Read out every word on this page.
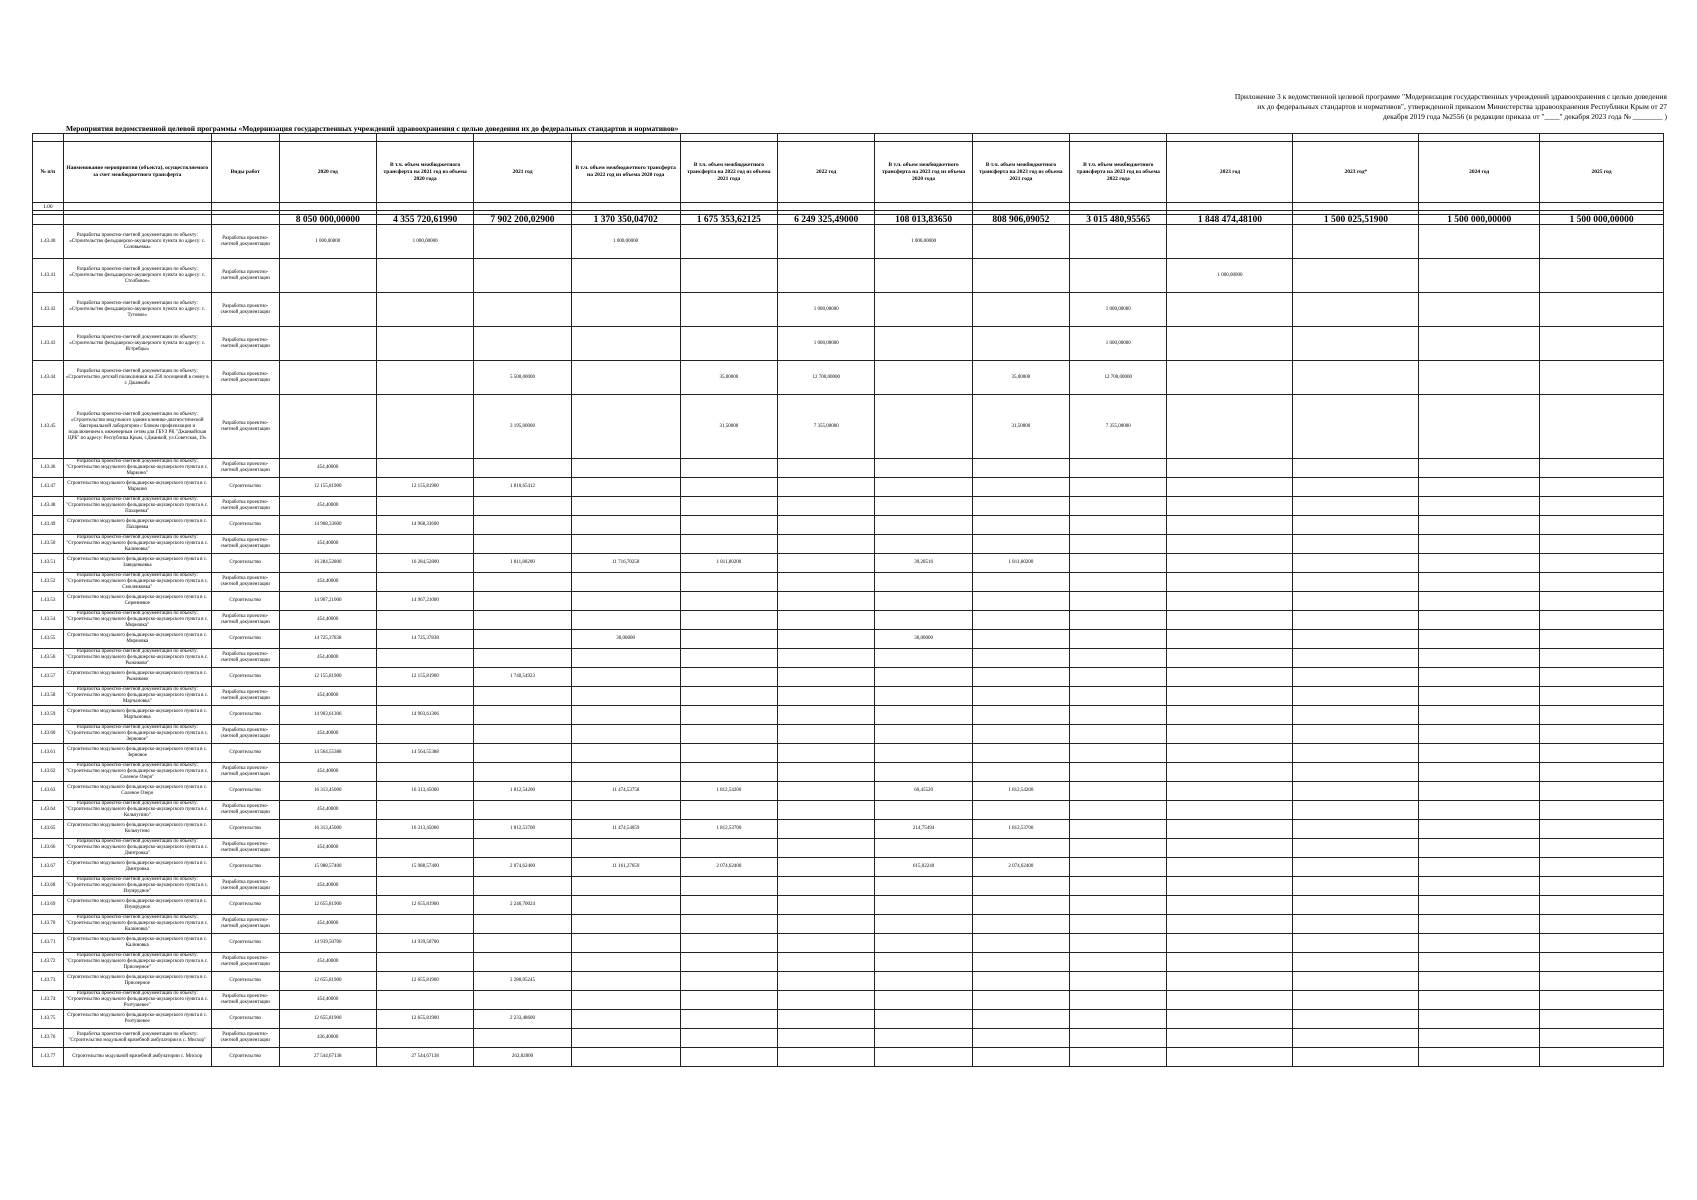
Приложение 3 к ведомственной целевой программе "Модернизация государственных учреждений здравоохранения с целью доведения
их до федеральных стандартов и нормативов", утвержденной приказом Министерства здравоохранения Республики Крым от 27
декабря 2019 года №2556 (в редакции приказа от "____" декабря 2023 года № ________ )
Мероприятия ведомственной целевой программы «Модернизация государственных учреждений здравоохранения с целью доведения их до федеральных стандартов и нормативов»

№ п/п	Наименование мероприятия (объекта), осуществляемого за счет межбюджетного трансферта	Виды работ	2020 год	В т.ч. объем межбюджетного трансферта на 2021 год из объема 2020 года	2021 год	В т.ч. объем межбюджетного трансферта на 2022 год из объема 2020 года	В т.ч. объем межбюджетного трансферта на 2022 год из объема 2021 года	2022 год	В т.ч. объем межбюджетного трансферта на 2023 год из объема 2020 года	В т.ч. объем межбюджетного трансферта на 2023 год из объема 2021 года	В т.ч. объем межбюджетного трансферта на 2023 год из объема 2022 года	2023 год	2023 год*	2024 год	2025 год
1.00															

			8 050 000,00000	4 355 720,61990	7 902 200,02900	1 370 350,04702	1 675 353,62125	6 249 325,49000	108 013,83650	808 906,09052	3 015 480,95565	1 848 474,48100	1 500 025,51900	1 500 000,00000	1 500 000,00000
1.43.40	Разработка проектно-сметной документации по объекту: «Строительство фельдшерско-акушерского пункта по адресу: с. Соловьевка»	Разработка проектно-сметной документации	1 000,00000	1 000,00000		1 000,00000			1 000,00000						
1.43.41	Разработка проектно-сметной документации по объекту: «Строительство фельдшерско-акушерского пункта по адресу: с. Столбовое»	Разработка проектно-сметной документации										1 000,00000			
1.43.42	Разработка проектно-сметной документации по объекту: «Строительство фельдшерско-акушерского пункта по адресу: с. Тутовое»	Разработка проектно-сметной документации						1 000,00000			1 000,00000				
1.43.43	Разработка проектно-сметной документации по объекту: «Строительство фельдшерско-акушерского пункта по адресу: с. Ястребцы»	Разработка проектно-сметной документации						1 000,00000			1 000,00000				
1.43.44	Разработка проектно-сметной документации по объекту: «Строительство детской поликлиники на 250 посещений в смену в г. Джанкой»	Разработка проектно-сметной документации			5 500,00000		35,00000	12 700,00000		35,00000	12 700,00000				
1.43.45	Разработка проектно-сметной документации по объекту: «Строительство модульного здания клинико-диагностической бактериальной лаборатории с блоком профилизации и подключением к инженерным сетям для ГБУЗ РК "Джанкойская ЦРБ" по адресу: Республика Крым, г.Джанкой, ул.Советская, 19»	Разработка проектно-сметной документации			3 195,00000		31,50000	7 355,00000		31,50000	7 355,00000				
1.43.46	Разработка проектно-сметной документации по объекту: "Строительство модульного фельдшерско-акушерского пункта в с. Маркино"	Разработка проектно-сметной документации	454,40000												
1.43.47	Строительство модульного фельдшерско-акушерского пункта в с. Маркино	Строительство	12 155,81900	12 155,81900	1 810,65412										
1.43.48	Разработка проектно-сметной документации по объекту: "Строительство модульного фельдшерско-акушерского пункта в с. Пахаревка"	Разработка проектно-сметной документации	454,40000												
1.43.49	Строительство модульного фельдшерско-акушерского пункта в с. Пахаревка	Строительство	14 968,33600	14 968,33600											
1.43.50	Разработка проектно-сметной документации по объекту: "Строительство модульного фельдшерско-акушерского пункта в с. Калиновка"	Разработка проектно-сметной документации	454,40000												
1.43.51	Строительство модульного фельдшерско-акушерского пункта в с. Завиденьевка	Строительство	16 284,52800	16 284,52800	1 811,80200	11 716,70258	1 811,80200		39,28516	1 811,80200					
1.43.52	Разработка проектно-сметной документации по объекту: "Строительство модульного фельдшерско-акушерского пункта в с. Смоленковка"	Разработка проектно-сметной документации	454,40000												
1.43.53	Строительство модульного фельдшерско-акушерского пункта в с. Сирениевое	Строительство	14 967,21000	14 967,21000											
1.43.54	Разработка проектно-сметной документации по объекту: "Строительство модульного фельдшерско-акушерского пункта в с. Мирновка"	Разработка проектно-сметной документации	454,40000												
1.43.55	Строительство модульного фельдшерско-акушерского пункта в с. Мирновка	Строительство	14 725,37838	14 725,37838		30,00000			30,00000						
1.43.56	Разработка проектно-сметной документации по объекту: "Строительство модульного фельдшерско-акушерского пункта в с. Рыжиково"	Разработка проектно-сметной документации	454,40000												
1.43.57	Строительство модульного фельдшерско-акушерского пункта в с. Рыжиково	Строительство	12 155,81900	12 155,81900	1 740,54923										
1.43.58	Разработка проектно-сметной документации по объекту: "Строительство модульного фельдшерско-акушерского пункта в с. Мартыновка"	Разработка проектно-сметной документации	454,40000												
1.43.59	Строительство модульного фельдшерско-акушерского пункта в с. Мартыновка	Строительство	14 903,61306	14 903,61306											
1.43.60	Разработка проектно-сметной документации по объекту: "Строительство модульного фельдшерско-акушерского пункта в с. Зерновое"	Разработка проектно-сметной документации	454,40000												
1.43.61	Строительство модульного фельдшерско-акушерского пункта в с. Зерновое	Строительство	14 564,55388	14 564,55388											
1.43.62	Разработка проектно-сметной документации по объекту: "Строительство модульного фельдшерско-акушерского пункта в с. Соленое Озеро"	Разработка проектно-сметной документации	454,40000												
1.43.63	Строительство модульного фельдшерско-акушерского пункта в с. Соленое Озеро	Строительство	16 313,45000	16 313,45000	1 812,54200	11 474,53758	1 812,54200		60,45520	1 812,54200					
1.43.64	Разработка проектно-сметной документации по объекту: "Строительство модульного фельдшерско-акушерского пункта в с. Кольчугино"	Разработка проектно-сметной документации	454,40000												
1.43.65	Строительство модульного фельдшерско-акушерского пункта в с. Кольчугино	Строительство	16 313,45000	16 313,45000	1 812,53700	11 474,54059	1 812,53700		214,75494	1 812,53700					
1.43.66	Разработка проектно-сметной документации по объекту: "Строительство модульного фельдшерско-акушерского пункта в с. Дмитровка"	Разработка проектно-сметной документации	454,40000												
1.43.67	Строительство модульного фельдшерско-акушерского пункта в с. Дмитровка	Строительство	15 988,57400	15 988,57400	2 074,62400	11 161,27659	2 074,62400		615,02240	2 074,62400					
1.43.68	Разработка проектно-сметной документации по объекту: "Строительство модульного фельдшерско-акушерского пункта в с. Изумрудное"	Разработка проектно-сметной документации	454,40000												
1.43.69	Строительство модульного фельдшерско-акушерского пункта в с. Изумрудное	Строительство	12 655,81900	12 655,81900	2 246,70024										
1.43.70	Разработка проектно-сметной документации по объекту: "Строительство модульного фельдшерско-акушерского пункта в с. Калиновка"	Разработка проектно-сметной документации	454,40000												
1.43.71	Строительство модульного фельдшерско-акушерского пункта в с. Калиновка	Строительство	14 939,50700	14 939,50700											
1.43.72	Разработка проектно-сметной документации по объекту: "Строительство модульного фельдшерско-акушерского пункта в с. Приозерное"	Разработка проектно-сметной документации	454,40000												
1.43.73	Строительство модульного фельдшерско-акушерского пункта в с. Приозерное	Строительство	12 655,81900	12 655,81900	2 288,05245										
1.43.74	Разработка проектно-сметной документации по объекту: "Строительство модульного фельдшерско-акушерского пункта в с. Розтушевое"	Разработка проектно-сметной документации	454,40000												
1.43.75	Строительство модульного фельдшерско-акушерского пункта в с. Розтушевое	Строительство	12 655,81900	12 655,81900	2 233,48600										
1.43.76	Разработка проектно-сметной документации по объекту: "Строительство модульной врачебной амбулатории в с. Мисхор"	Разработка проектно-сметной документации	436,40000												
1.43.77	Строительство модульной врачебной амбулатории с. Мисхор	Строительство	27 544,67138	27 544,67138	262,82800										
